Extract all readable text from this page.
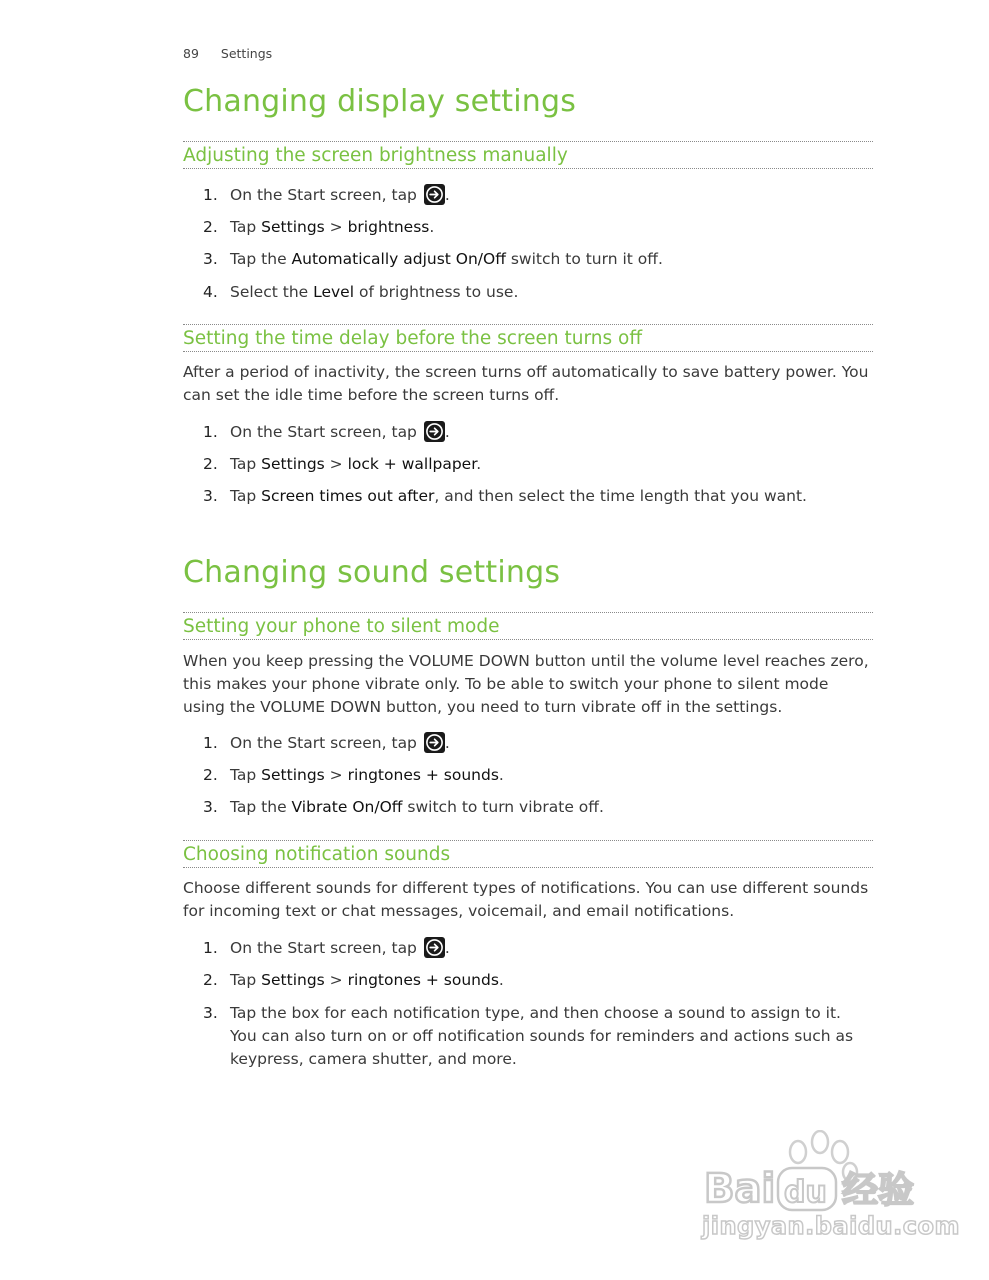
89 Settings
Changing display settings
Adjusting the screen brightness manually
1. On the Start screen, tap .
2. Tap Settings > brightness.
3. Tap the Automatically adjust On/Off switch to turn it off.
4. Select the Level of brightness to use.
Setting the time delay before the screen turns off

After a period of inactivity, the screen turns off automatically to save battery power. You can set the idle time before the screen turns off.

1. On the Start screen, tap .
2. Tap Settings > lock + wallpaper.
3. Tap Screen times out after, and then select the time length that you want.
Changing sound settings
Setting your phone to silent mode

When you keep pressing the VOLUME DOWN button until the volume level reaches zero, this makes your phone vibrate only. To be able to switch your phone to silent mode using the VOLUME DOWN button, you need to turn vibrate off in the settings.

1. On the Start screen, tap .
2. Tap Settings > ringtones + sounds.
3. Tap the Vibrate On/Off switch to turn vibrate off.
Choosing notification sounds

Choose different sounds for different types of notifications. You can use different sounds for incoming text or chat messages, voicemail, and email notifications.

1. On the Start screen, tap .
2. Tap Settings > ringtones + sounds.
3. Tap the box for each notification type, and then choose a sound to assign to it. You can also turn on or off notification sounds for reminders and actions such as keypress, camera shutter, and more.
Bai du 经验
jingyan.baidu.com
